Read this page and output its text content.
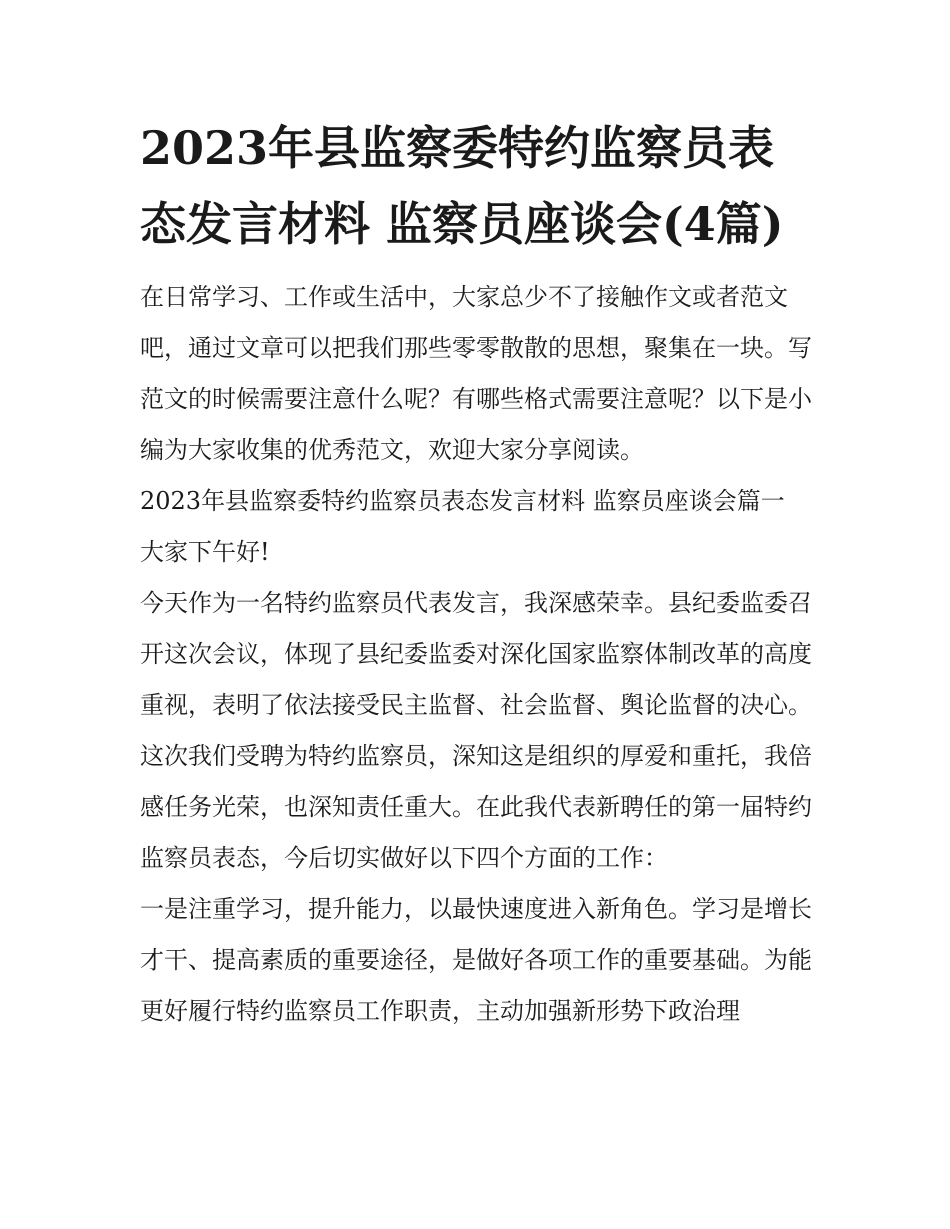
2023年县监察委特约监察员表态发言材料 监察员座谈会(4篇)

在日常学习、工作或生活中，大家总少不了接触作文或者范文吧，通过文章可以把我们那些零零散散的思想，聚集在一块。写范文的时候需要注意什么呢？有哪些格式需要注意呢？以下是小编为大家收集的优秀范文，欢迎大家分享阅读。

2023年县监察委特约监察员表态发言材料 监察员座谈会篇一

大家下午好!

今天作为一名特约监察员代表发言，我深感荣幸。县纪委监委召开这次会议，体现了县纪委监委对深化国家监察体制改革的高度重视，表明了依法接受民主监督、社会监督、舆论监督的决心。这次我们受聘为特约监察员，深知这是组织的厚爱和重托，我倍感任务光荣，也深知责任重大。在此我代表新聘任的第一届特约监察员表态，今后切实做好以下四个方面的工作：

一是注重学习，提升能力，以最快速度进入新角色。学习是增长才干、提高素质的重要途径，是做好各项工作的重要基础。为能更好履行特约监察员工作职责，主动加强新形势下政治理
